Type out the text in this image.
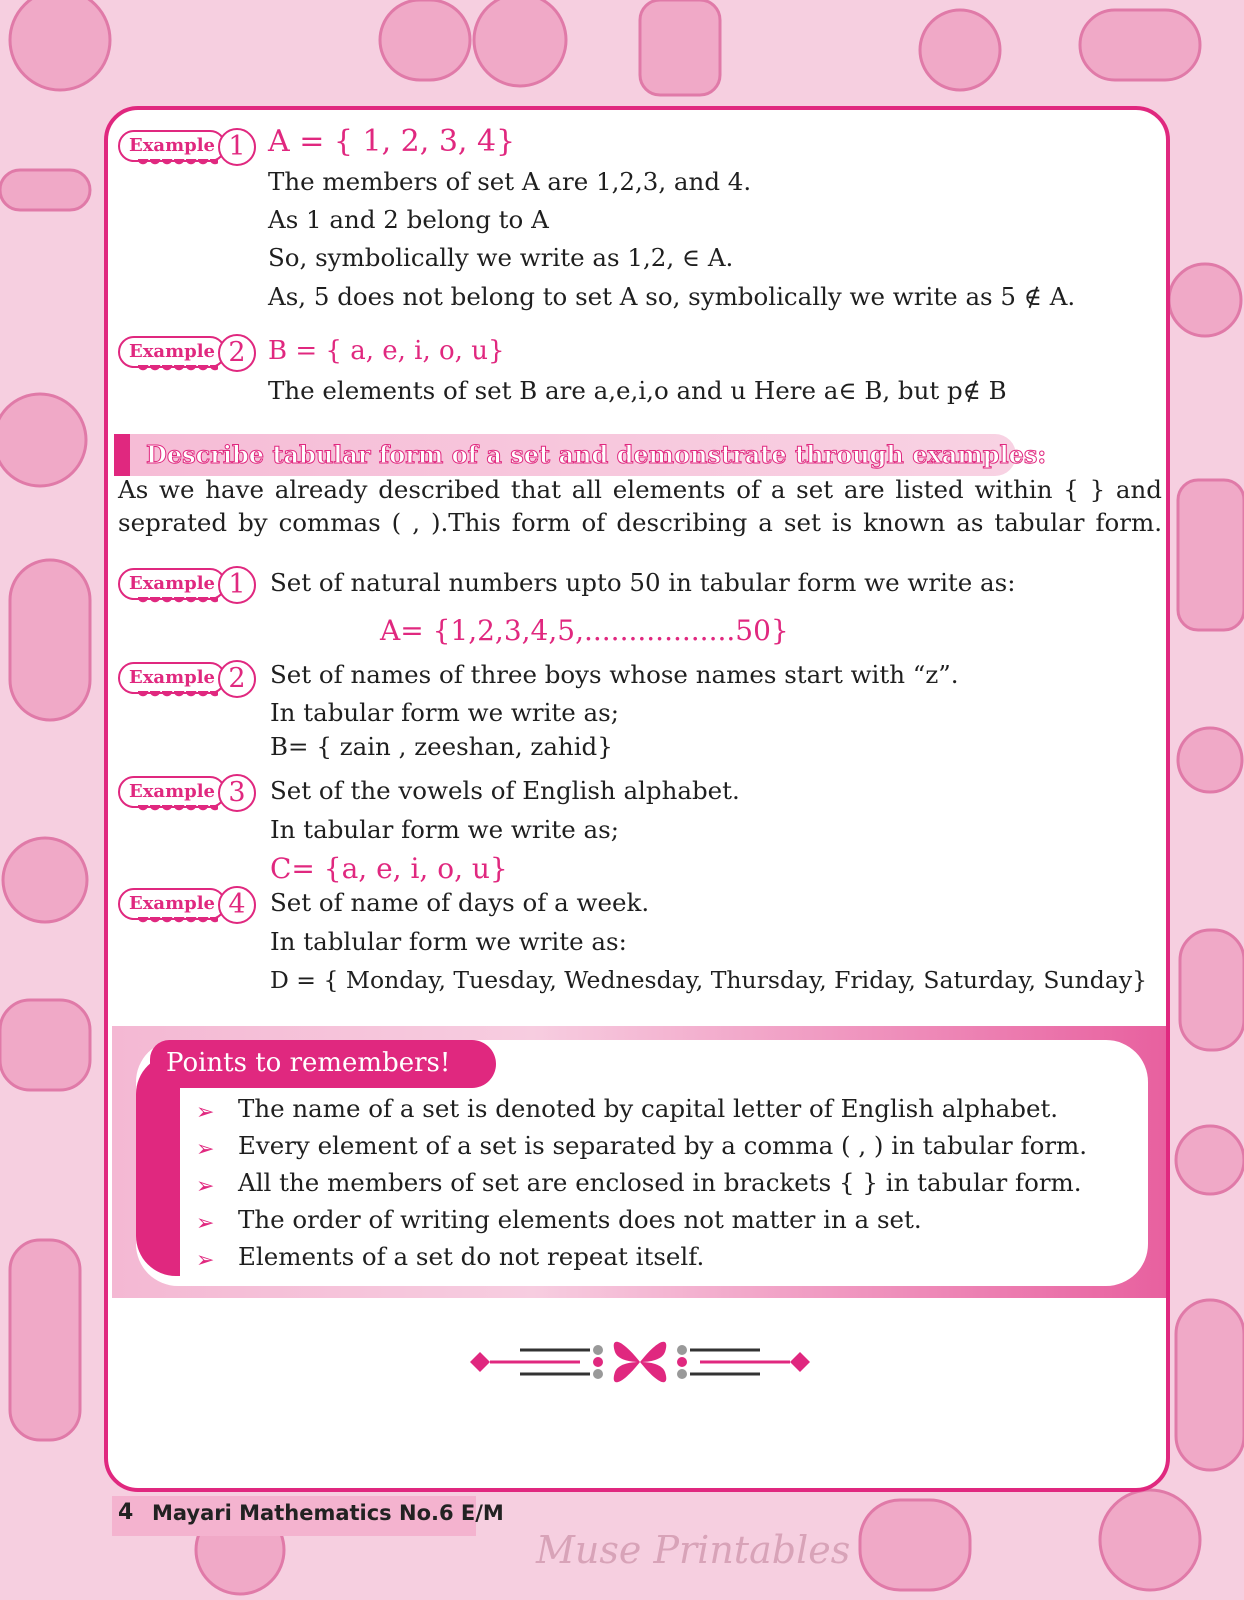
Example 1 A = { 1, 2, 3, 4}
The members of set A are 1,2,3, and 4.
As 1 and 2 belong to A
So, symbolically we write as 1,2, ∈ A.
As, 5 does not belong to set A so, symbolically we write as 5 ∉ A.
Example 2 B = { a, e, i, o, u}
The elements of set B are a,e,i,o and u Here a∈ B, but p∉ B
Describe tabular form of a set and demonstrate through examples:
As we have already described that all elements of a set are listed within { } and
seprated by commas ( , ).This form of describing a set is known as tabular form.
Example 1 Set of natural numbers upto 50 in tabular form we write as:
A= {1,2,3,4,5,.................50}
Example 2 Set of names of three boys whose names start with “z”.
In tabular form we write as;
B= { zain , zeeshan, zahid}
Example 3 Set of the vowels of English alphabet.
In tabular form we write as;
C= {a, e, i, o, u}
Example 4 Set of name of days of a week.
In tablular form we write as:
D = { Monday, Tuesday, Wednesday, Thursday, Friday, Saturday, Sunday}
Points to remembers!
➢ The name of a set is denoted by capital letter of English alphabet.
➢ Every element of a set is separated by a comma ( , ) in tabular form.
➢ All the members of set are enclosed in brackets { } in tabular form.
➢ The order of writing elements does not matter in a set.
➢ Elements of a set do not repeat itself.
4 Mayari Mathematics No.6 E/M
Muse Printables
